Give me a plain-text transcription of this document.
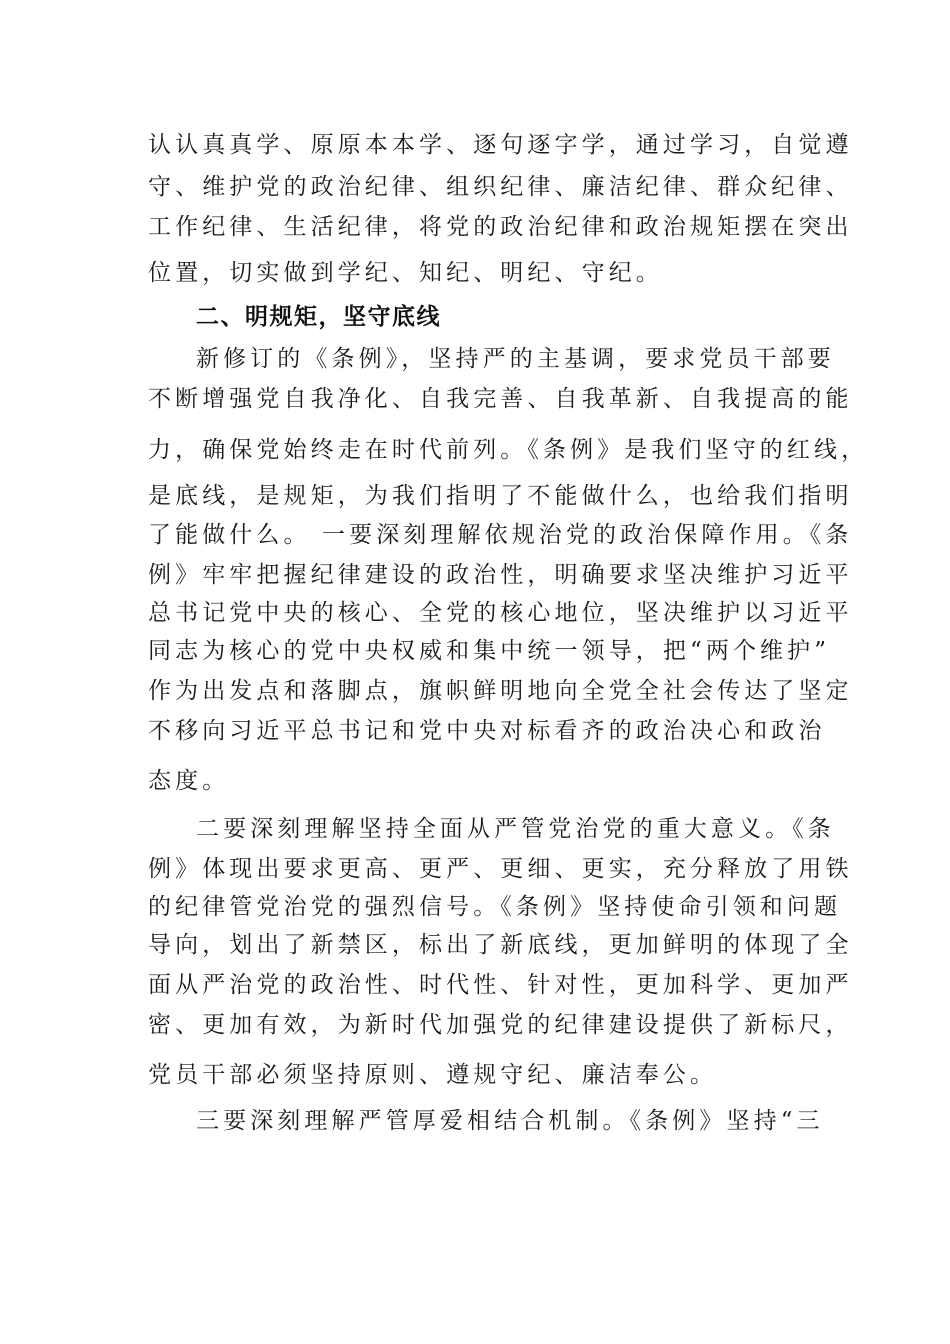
认认真真学、原原本本学、逐句逐字学，通过学习，自觉遵
守、维护党的政治纪律、组织纪律、廉洁纪律、群众纪律、
工作纪律、生活纪律，将党的政治纪律和政治规矩摆在突出
位置，切实做到学纪、知纪、明纪、守纪。
二、明规矩，坚守底线
新修订的《条例》，坚持严的主基调，要求党员干部要
不断增强党自我净化、自我完善、自我革新、自我提高的能
力，确保党始终走在时代前列。《条例》是我们坚守的红线，
是底线，是规矩，为我们指明了不能做什么，也给我们指明
了能做什么。 一要深刻理解依规治党的政治保障作用。《条
例》牢牢把握纪律建设的政治性，明确要求坚决维护习近平
总书记党中央的核心、全党的核心地位，坚决维护以习近平
同志为核心的党中央权威和集中统一领导，把“两个维护”
作为出发点和落脚点，旗帜鲜明地向全党全社会传达了坚定
不移向习近平总书记和党中央对标看齐的政治决心和政治
态度。
二要深刻理解坚持全面从严管党治党的重大意义。《条
例》体现出要求更高、更严、更细、更实，充分释放了用铁
的纪律管党治党的强烈信号。《条例》坚持使命引领和问题
导向，划出了新禁区，标出了新底线，更加鲜明的体现了全
面从严治党的政治性、时代性、针对性，更加科学、更加严
密、更加有效，为新时代加强党的纪律建设提供了新标尺，
党员干部必须坚持原则、遵规守纪、廉洁奉公。
三要深刻理解严管厚爱相结合机制。《条例》坚持“三
